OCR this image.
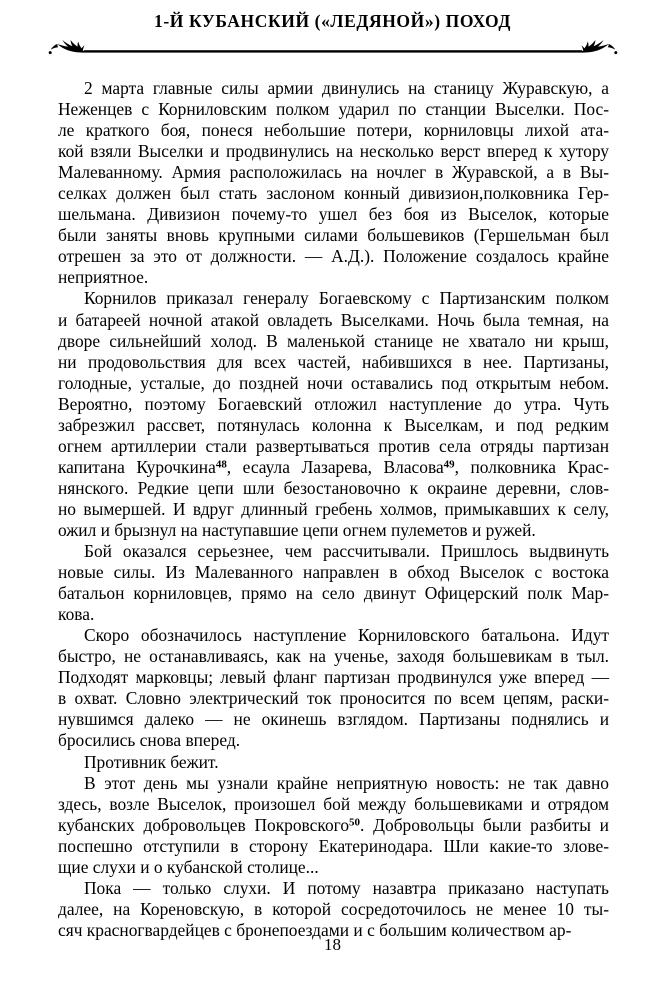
1-Й КУБАНСКИЙ («ЛЕДЯНОЙ») ПОХОД
2 марта главные силы армии двинулись на станицу Журавскую, а
Неженцев с Корниловским полком ударил по станции Выселки. Пос-
ле краткого боя, понеся небольшие потери, корниловцы лихой ата-
кой взяли Выселки и продвинулись на несколько верст вперед к хутору
Малеванному. Армия расположилась на ночлег в Журавской, а в Вы-
селках должен был стать заслоном конный дивизион,полковника Гер-
шельмана. Дивизион почему-то ушел без боя из Выселок, которые
были заняты вновь крупными силами большевиков (Гершельман был
отрешен за это от должности. — А.Д.). Положение создалось крайне
неприятное.
Корнилов приказал генералу Богаевскому с Партизанским полком
и батареей ночной атакой овладеть Выселками. Ночь была темная, на
дворе сильнейший холод. В маленькой станице не хватало ни крыш,
ни продовольствия для всех частей, набившихся в нее. Партизаны,
голодные, усталые, до поздней ночи оставались под открытым небом.
Вероятно, поэтому Богаевский отложил наступление до утра. Чуть
забрезжил рассвет, потянулась колонна к Выселкам, и под редким
огнем артиллерии стали развертываться против села отряды партизан
капитана Курочкина$^{48}$, есаула Лазарева, Власова$^{49}$, полковника Крас-
нянского. Редкие цепи шли безостановочно к окраине деревни, слов-
но вымершей. И вдруг длинный гребень холмов, примыкавших к селу,
ожил и брызнул на наступавшие цепи огнем пулеметов и ружей.
Бой оказался серьезнее, чем рассчитывали. Пришлось выдвинуть
новые силы. Из Малеванного направлен в обход Выселок с востока
батальон корниловцев, прямо на село двинут Офицерский полк Мар-
кова.
Скоро обозначилось наступление Корниловского батальона. Идут
быстро, не останавливаясь, как на ученье, заходя большевикам в тыл.
Подходят марковцы; левый фланг партизан продвинулся уже вперед —
в охват. Словно электрический ток проносится по всем цепям, раски-
нувшимся далеко — не окинешь взглядом. Партизаны поднялись и
бросились снова вперед.
Противник бежит.
В этот день мы узнали крайне неприятную новость: не так давно
здесь, возле Выселок, произошел бой между большевиками и отрядом
кубанских добровольцев Покровского$^{50}$. Добровольцы были разбиты и
поспешно отступили в сторону Екатеринодара. Шли какие-то злове-
щие слухи и о кубанской столице...
Пока — только слухи. И потому назавтра приказано наступать
далее, на Кореновскую, в которой сосредоточилось не менее 10 ты-
сяч красногвардейцев с бронепоездами и с большим количеством ар-
18
